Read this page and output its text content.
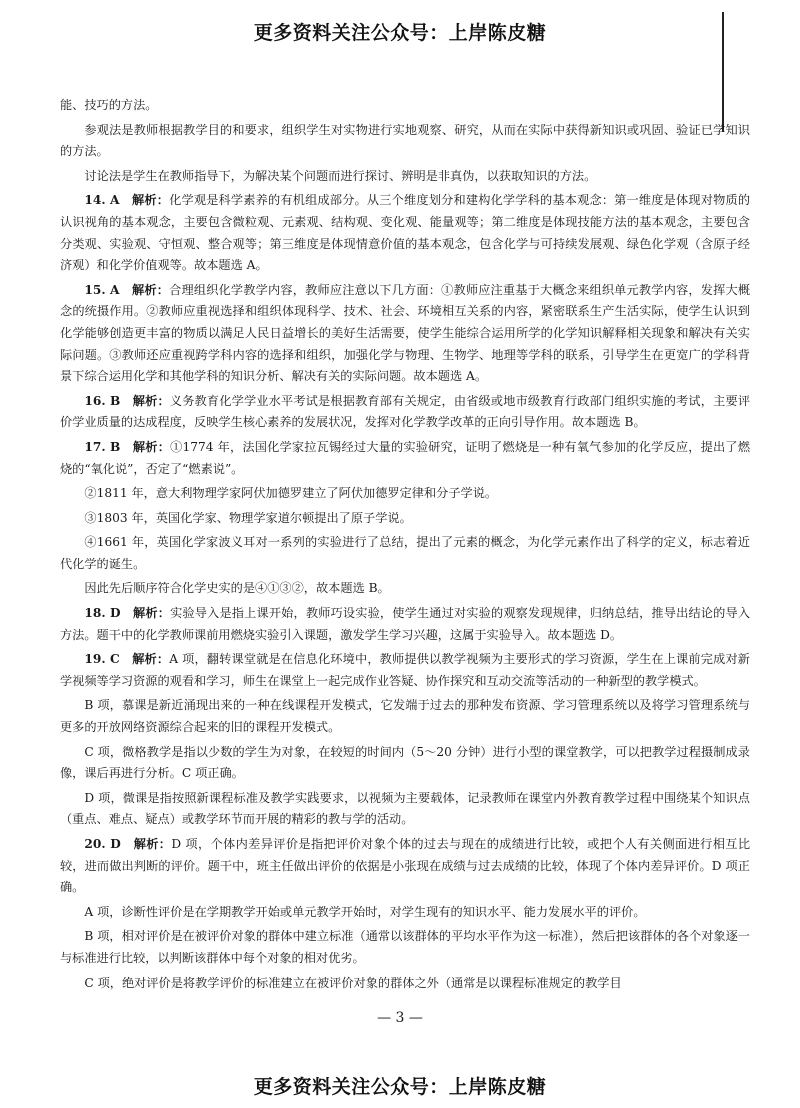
更多资料关注公众号：上岸陈皮糖

能、技巧的方法。

参观法是教师根据教学目的和要求，组织学生对实物进行实地观察、研究，从而在实际中获得新知识或巩固、验证已学知识的方法。

讨论法是学生在教师指导下，为解决某个问题而进行探讨、辨明是非真伪，以获取知识的方法。

14. A　解析：化学观是科学素养的有机组成部分。从三个维度划分和建构化学学科的基本观念：第一维度是体现对物质的认识视角的基本观念，主要包含微粒观、元素观、结构观、变化观、能量观等；第二维度是体现技能方法的基本观念，主要包含分类观、实验观、守恒观、整合观等；第三维度是体现情意价值的基本观念，包含化学与可持续发展观、绿色化学观（含原子经济观）和化学价值观等。故本题选 A。

15. A　解析：合理组织化学教学内容，教师应注意以下几方面：①教师应注重基于大概念来组织单元教学内容，发挥大概念的统摄作用。②教师应重视选择和组织体现科学、技术、社会、环境相互关系的内容，紧密联系生产生活实际，使学生认识到化学能够创造更丰富的物质以满足人民日益增长的美好生活需要，使学生能综合运用所学的化学知识解释相关现象和解决有关实际问题。③教师还应重视跨学科内容的选择和组织，加强化学与物理、生物学、地理等学科的联系，引导学生在更宽广的学科背景下综合运用化学和其他学科的知识分析、解决有关的实际问题。故本题选 A。

16. B　解析：义务教育化学学业水平考试是根据教育部有关规定，由省级或地市级教育行政部门组织实施的考试，主要评价学业质量的达成程度，反映学生核心素养的发展状况，发挥对化学教学改革的正向引导作用。故本题选 B。

17. B　解析：①1774 年，法国化学家拉瓦锡经过大量的实验研究，证明了燃烧是一种有氧气参加的化学反应，提出了燃烧的“氧化说”，否定了“燃素说”。

②1811 年，意大利物理学家阿伏加德罗建立了阿伏加德罗定律和分子学说。

③1803 年，英国化学家、物理学家道尔顿提出了原子学说。

④1661 年，英国化学家波义耳对一系列的实验进行了总结，提出了元素的概念，为化学元素作出了科学的定义，标志着近代化学的诞生。

因此先后顺序符合化学史实的是④①③②，故本题选 B。

18. D　解析：实验导入是指上课开始，教师巧设实验，使学生通过对实验的观察发现规律，归纳总结，推导出结论的导入方法。题干中的化学教师课前用燃烧实验引入课题，激发学生学习兴趣，这属于实验导入。故本题选 D。

19. C　解析：A 项，翻转课堂就是在信息化环境中，教师提供以教学视频为主要形式的学习资源，学生在上课前完成对新学视频等学习资源的观看和学习，师生在课堂上一起完成作业答疑、协作探究和互动交流等活动的一种新型的教学模式。

B 项，慕课是新近涌现出来的一种在线课程开发模式，它发端于过去的那种发布资源、学习管理系统以及将学习管理系统与更多的开放网络资源综合起来的旧的课程开发模式。

C 项，微格教学是指以少数的学生为对象，在较短的时间内（5～20 分钟）进行小型的课堂教学，可以把教学过程摄制成录像，课后再进行分析。C 项正确。

D 项，微课是指按照新课程标准及教学实践要求，以视频为主要载体，记录教师在课堂内外教育教学过程中围绕某个知识点（重点、难点、疑点）或教学环节而开展的精彩的教与学的活动。

20. D　解析：D 项，个体内差异评价是指把评价对象个体的过去与现在的成绩进行比较，或把个人有关侧面进行相互比较，进而做出判断的评价。题干中，班主任做出评价的依据是小张现在成绩与过去成绩的比较，体现了个体内差异评价。D 项正确。

A 项，诊断性评价是在学期教学开始或单元教学开始时，对学生现有的知识水平、能力发展水平的评价。

B 项，相对评价是在被评价对象的群体中建立标准（通常以该群体的平均水平作为这一标准），然后把该群体的各个对象逐一与标准进行比较，以判断该群体中每个对象的相对优劣。

C 项，绝对评价是将教学评价的标准建立在被评价对象的群体之外（通常是以课程标准规定的教学目

— 3 —
更多资料关注公众号：上岸陈皮糖
